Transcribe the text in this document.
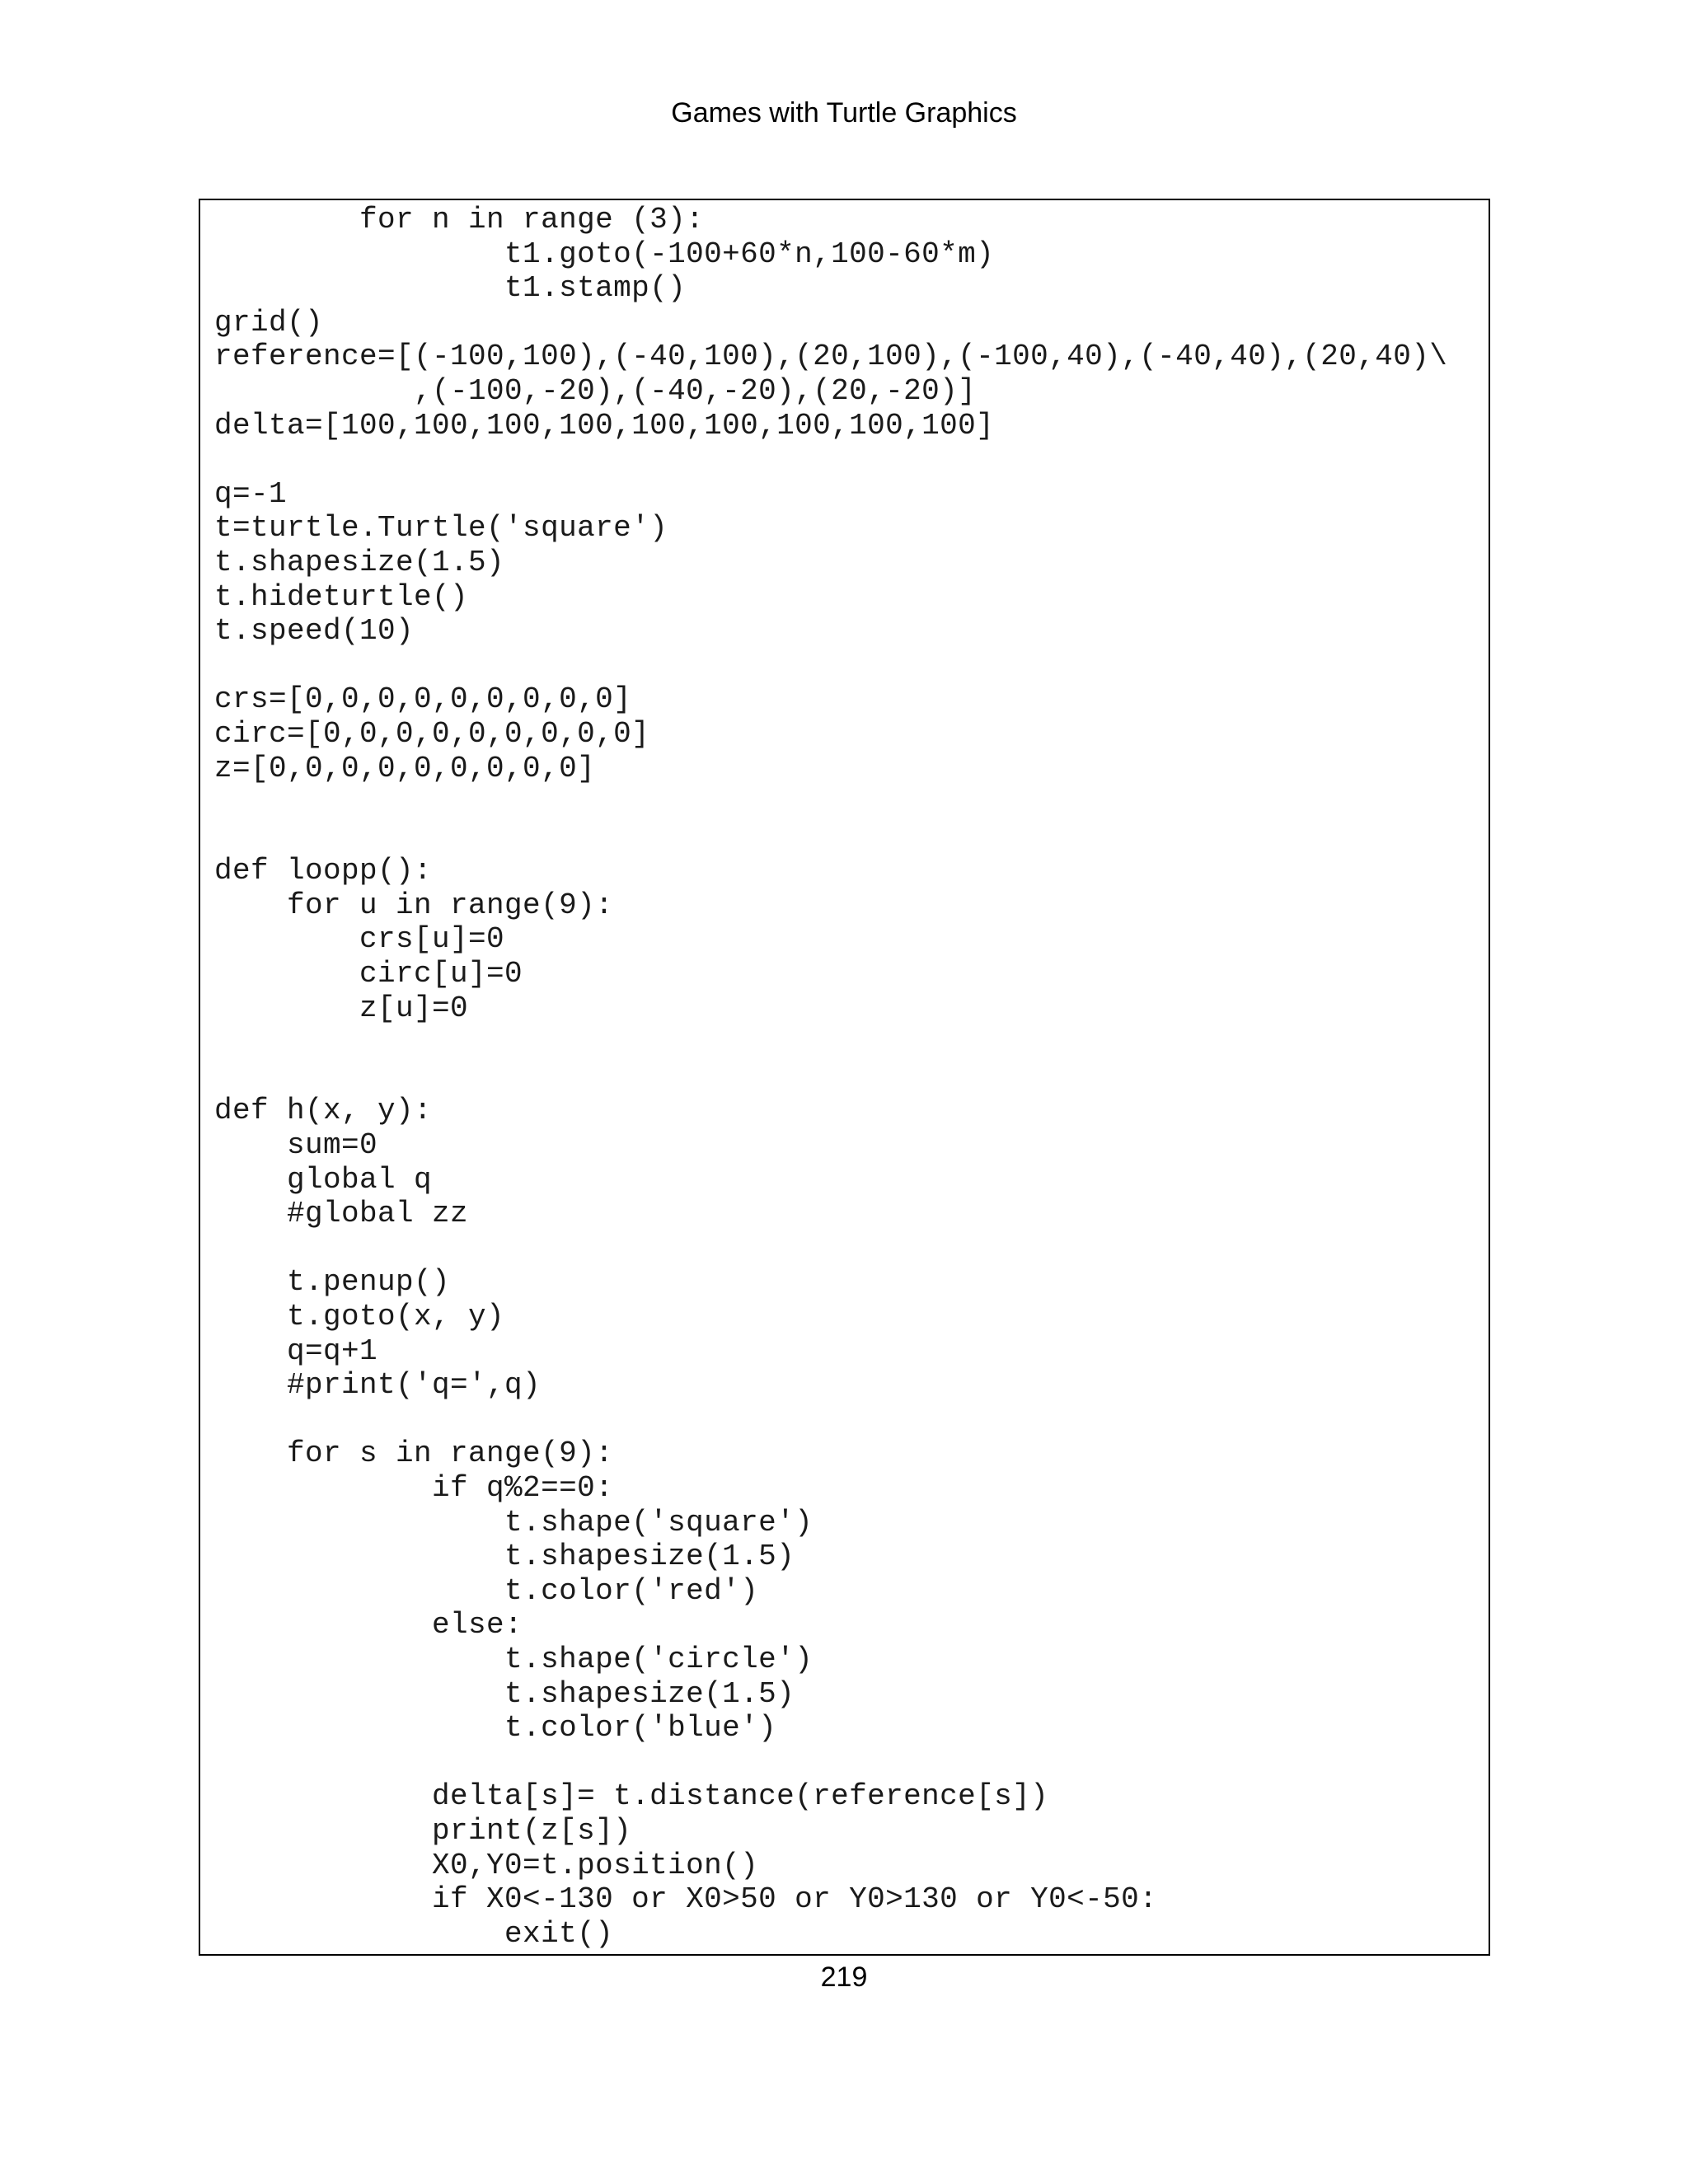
Games with Turtle Graphics
for n in range (3):
t1.goto(-100+60*n,100-60*m)
t1.stamp()
grid()
reference=[(-100,100),(-40,100),(20,100),(-100,40),(-40,40),(20,40)\
,(-100,-20),(-40,-20),(20,-20)]
delta=[100,100,100,100,100,100,100,100,100]
q=-1
t=turtle.Turtle('square')
t.shapesize(1.5)
t.hideturtle()
t.speed(10)
crs=[0,0,0,0,0,0,0,0,0]
circ=[0,0,0,0,0,0,0,0,0]
z=[0,0,0,0,0,0,0,0,0]
def loopp():
for u in range(9):
crs[u]=0
circ[u]=0
z[u]=0
def h(x, y):
sum=0
global q
#global zz
t.penup()
t.goto(x, y)
q=q+1
#print('q=',q)
for s in range(9):
if q%2==0:
t.shape('square')
t.shapesize(1.5)
t.color('red')
else:
t.shape('circle')
t.shapesize(1.5)
t.color('blue')
delta[s]= t.distance(reference[s])
print(z[s])
X0,Y0=t.position()
if X0<-130 or X0>50 or Y0>130 or Y0<-50:
exit()
219
